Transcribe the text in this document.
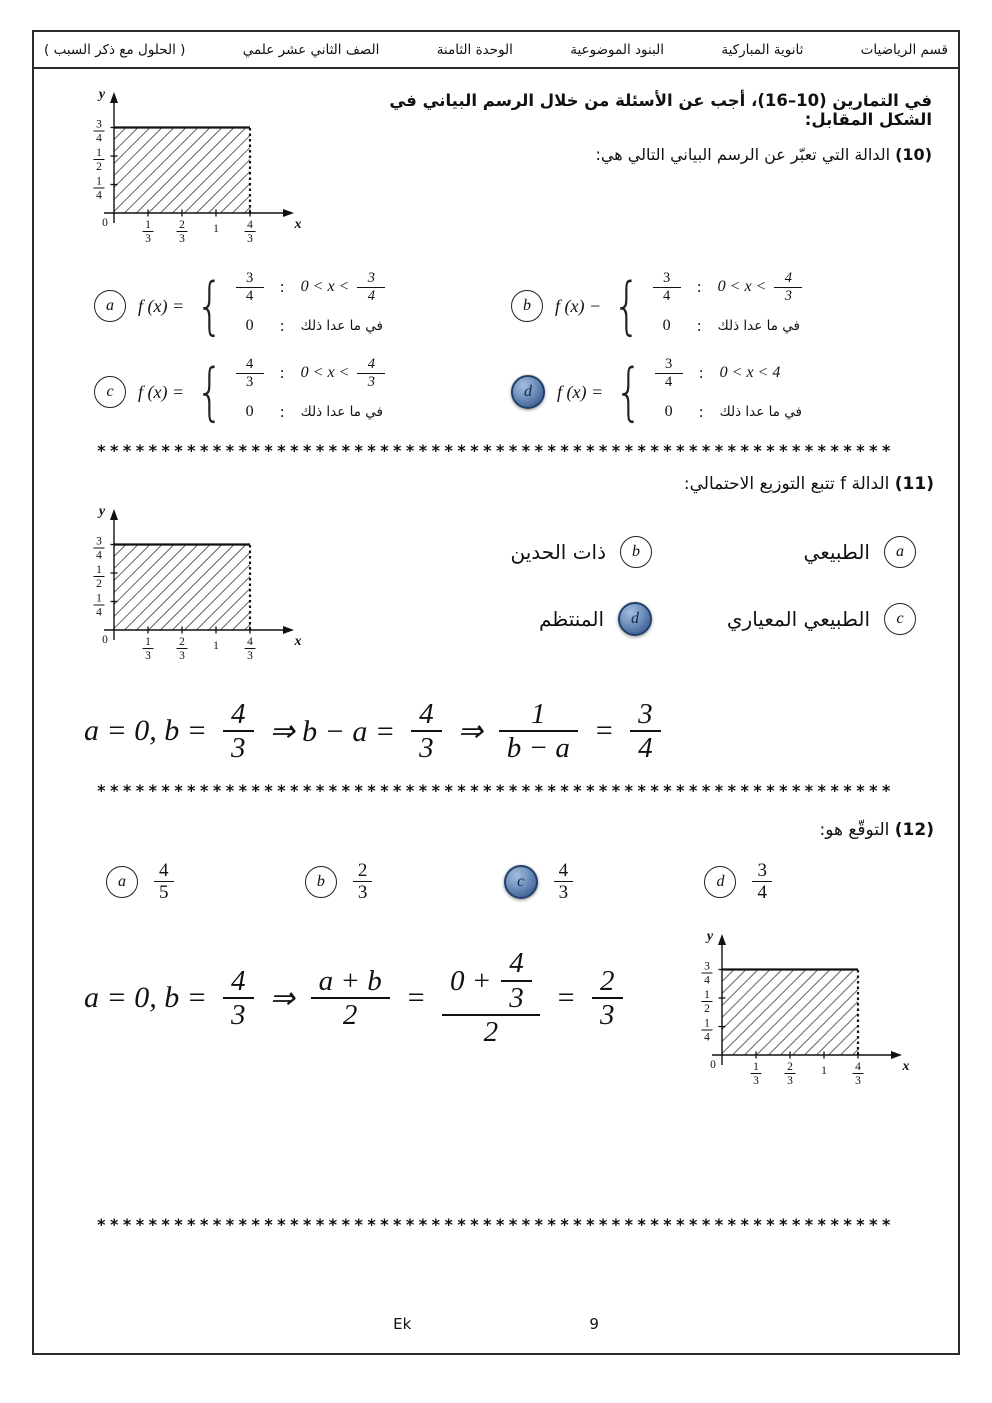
قسم الرياضيات
ثانوية المباركية
البنود الموضوعية
الوحدة الثامنة
الصف الثاني عشر علمي
( الحلول مع ذكر السبب )
x
y
0	1
3
2
3
1 4
3
1
4
1
2
3
4
في التمارين (10–16)، أجب عن الأسئلة من خلال الرسم البياني في الشكل المقابل:
(10) الدالة التي تعبّر عن الرسم البياني التالي هي:
a	f (x) = { $\frac{3}{4}$ : $0 < x < \frac{3}{4}$
0	: في ما عدا ذلك
b	f (x) − { $\frac{3}{4}$ : $0 < x < \frac{4}{3}$
0	: في ما عدا ذلك
c	f (x) = { $\frac{4}{3}$ : $0 < x < \frac{4}{3}$
0	: في ما عدا ذلك
d	f (x) = { $\frac{3}{4}$ : 0 < x < 4
0	: في ما عدا ذلك
**************************************************************
(11) الدالة f تتبع التوزيع الاحتمالي:
x
y
0	1
3
2
3
1 4
3
1
4
1
2
3
4	a
الطبيعي
b
ذات الحدين
c
الطبيعي المعياري
d
المنتظم
a = 0, $b = \frac{4}{3}$ ⇒ $b - a = \frac{4}{3}$ ⇒ $\frac{1}{b - a} = \frac{3}{4}$
**************************************************************
(12) التوقّع هو:
a	$\frac{4}{5}$	b	$\frac{2}{3}$	c	$\frac{4}{3}$	d	$\frac{3}{4}$
a = 0, $b = \frac{4}{3}$ ⇒ $\frac{a + b}{2} = \frac{0 + \frac{4}{3}}{2} = \frac{2}{3}$
x
y
0	1
3
2
3
1 4
3
1
4
1
2
3
4
**************************************************************
Ek	9
